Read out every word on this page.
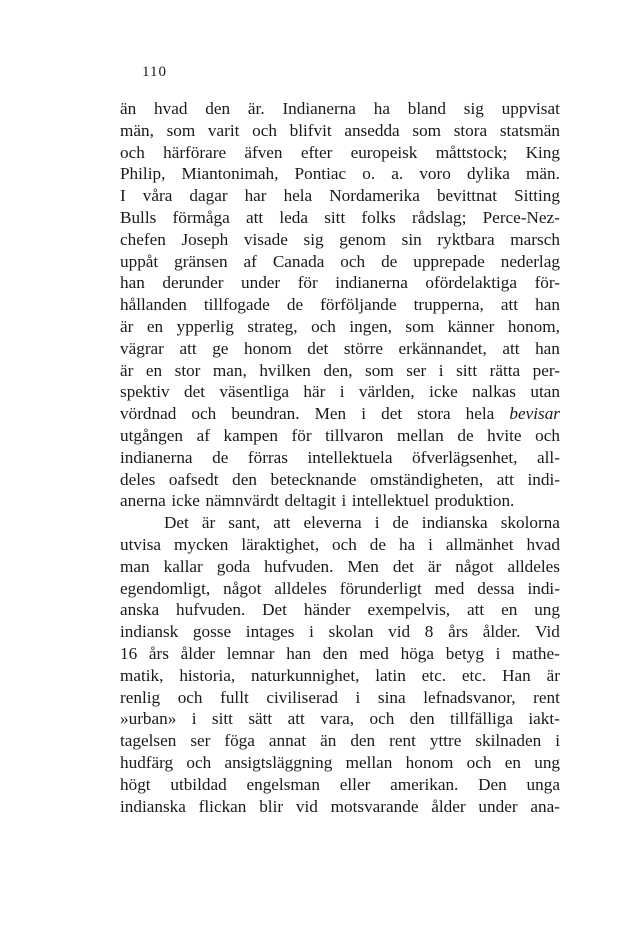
110
än hvad den är. Indianerna ha bland sig uppvisat
män, som varit och blifvit ansedda som stora statsmän
och härförare äfven efter europeisk måttstock; King
Philip, Miantonimah, Pontiac o. a. voro dylika män.
I våra dagar har hela Nordamerika bevittnat Sitting
Bulls förmåga att leda sitt folks rådslag; Perce-Nez-
chefen Joseph visade sig genom sin ryktbara marsch
uppåt gränsen af Canada och de upprepade nederlag
han derunder under för indianerna ofördelaktiga för-
hållanden tillfogade de förföljande trupperna, att han
är en ypperlig strateg, och ingen, som känner honom,
vägrar att ge honom det större erkännandet, att han
är en stor man, hvilken den, som ser i sitt rätta per-
spektiv det väsentliga här i världen, icke nalkas utan
vördnad och beundran. Men i det stora hela bevisar
utgången af kampen för tillvaron mellan de hvite och
indianerna de förras intellektuela öfverlägsenhet, all-
deles oafsedt den betecknande omständigheten, att indi-
anerna icke nämnvärdt deltagit i intellektuel produktion.
Det är sant, att eleverna i de indianska skolorna
utvisa mycken läraktighet, och de ha i allmänhet hvad
man kallar goda hufvuden. Men det är något alldeles
egendomligt, något alldeles förunderligt med dessa indi-
anska hufvuden. Det händer exempelvis, att en ung
indiansk gosse intages i skolan vid 8 års ålder. Vid
16 års ålder lemnar han den med höga betyg i mathe-
matik, historia, naturkunnighet, latin etc. etc. Han är
renlig och fullt civiliserad i sina lefnadsvanor, rent
»urban» i sitt sätt att vara, och den tillfälliga iakt-
tagelsen ser föga annat än den rent yttre skilnaden i
hudfärg och ansigtsläggning mellan honom och en ung
högt utbildad engelsman eller amerikan. Den unga
indianska flickan blir vid motsvarande ålder under ana-
